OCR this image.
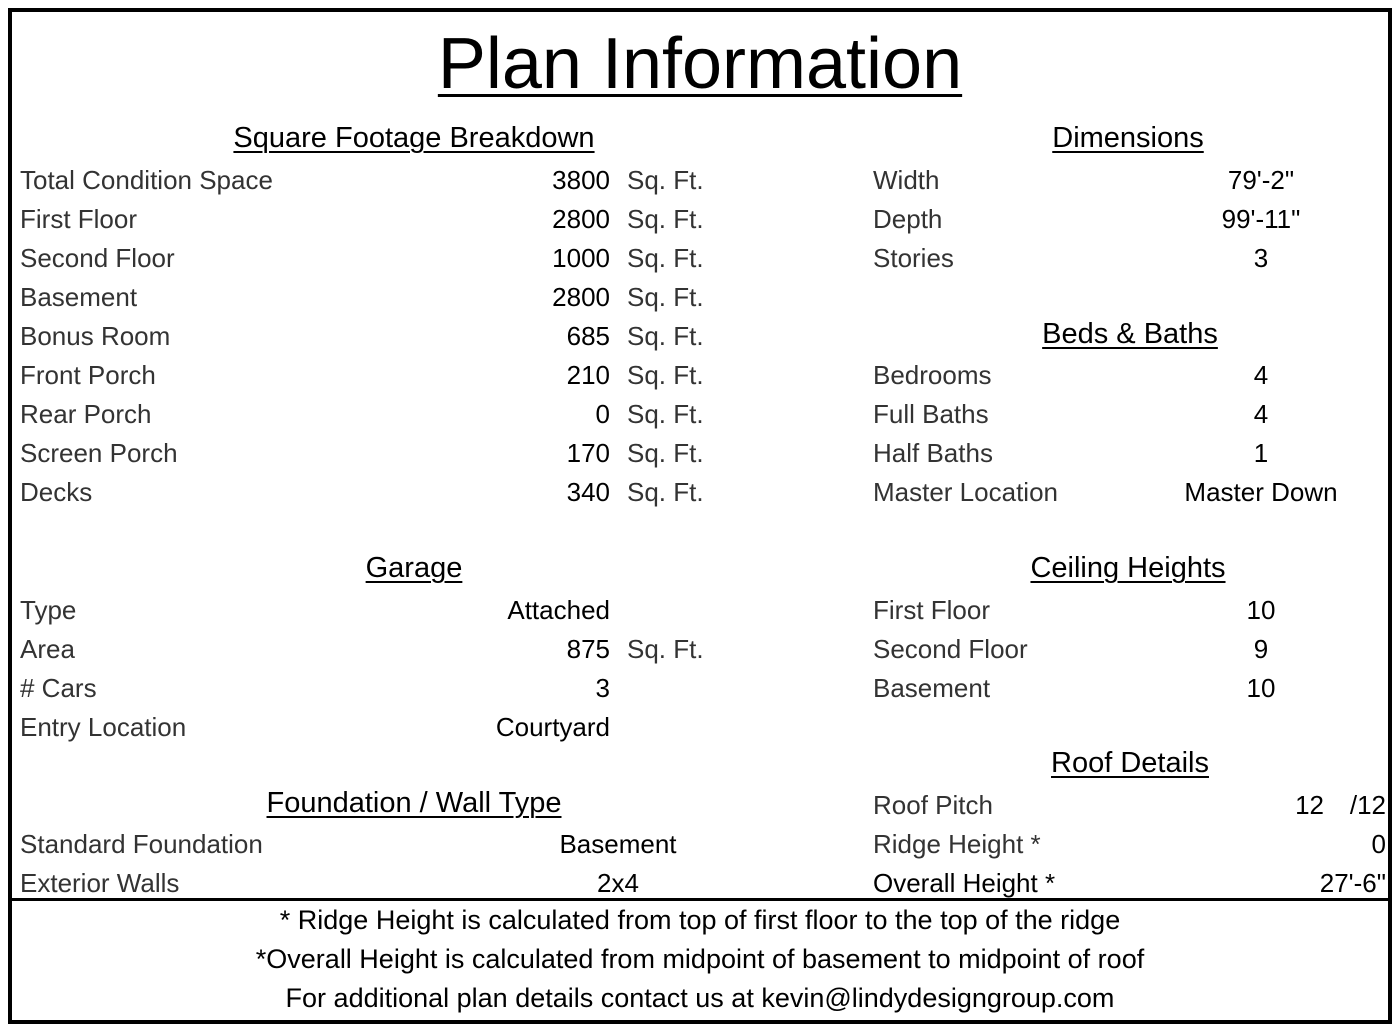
Plan Information
Square Footage Breakdown
Total Condition Space	3800 Sq. Ft.
First Floor	2800 Sq. Ft.
Second Floor	1000 Sq. Ft.
Basement	2800 Sq. Ft.
Bonus Room	685 Sq. Ft.
Front Porch	210 Sq. Ft.
Rear Porch	0 Sq. Ft.
Screen Porch	170 Sq. Ft.
Decks	340 Sq. Ft.
Garage
Type	Attached
Area	875 Sq. Ft.
# Cars	3
Entry Location	Courtyard
Foundation / Wall Type
Standard Foundation	Basement
Exterior Walls	2x4
Dimensions
Width	79'-2"
Depth	99'-11"
Stories	3
Beds & Baths
Bedrooms	4
Full Baths	4
Half Baths	1
Master Location	Master Down
Ceiling Heights
First Floor	10
Second Floor	9
Basement	10
Roof Details
Roof Pitch	12 /12
Ridge Height *	0
Overall Height *	27'-6"
* Ridge Height is calculated from top of first floor to the top of the ridge
*Overall Height is calculated from midpoint of basement to midpoint of roof
For additional plan details contact us at kevin@lindydesigngroup.com
